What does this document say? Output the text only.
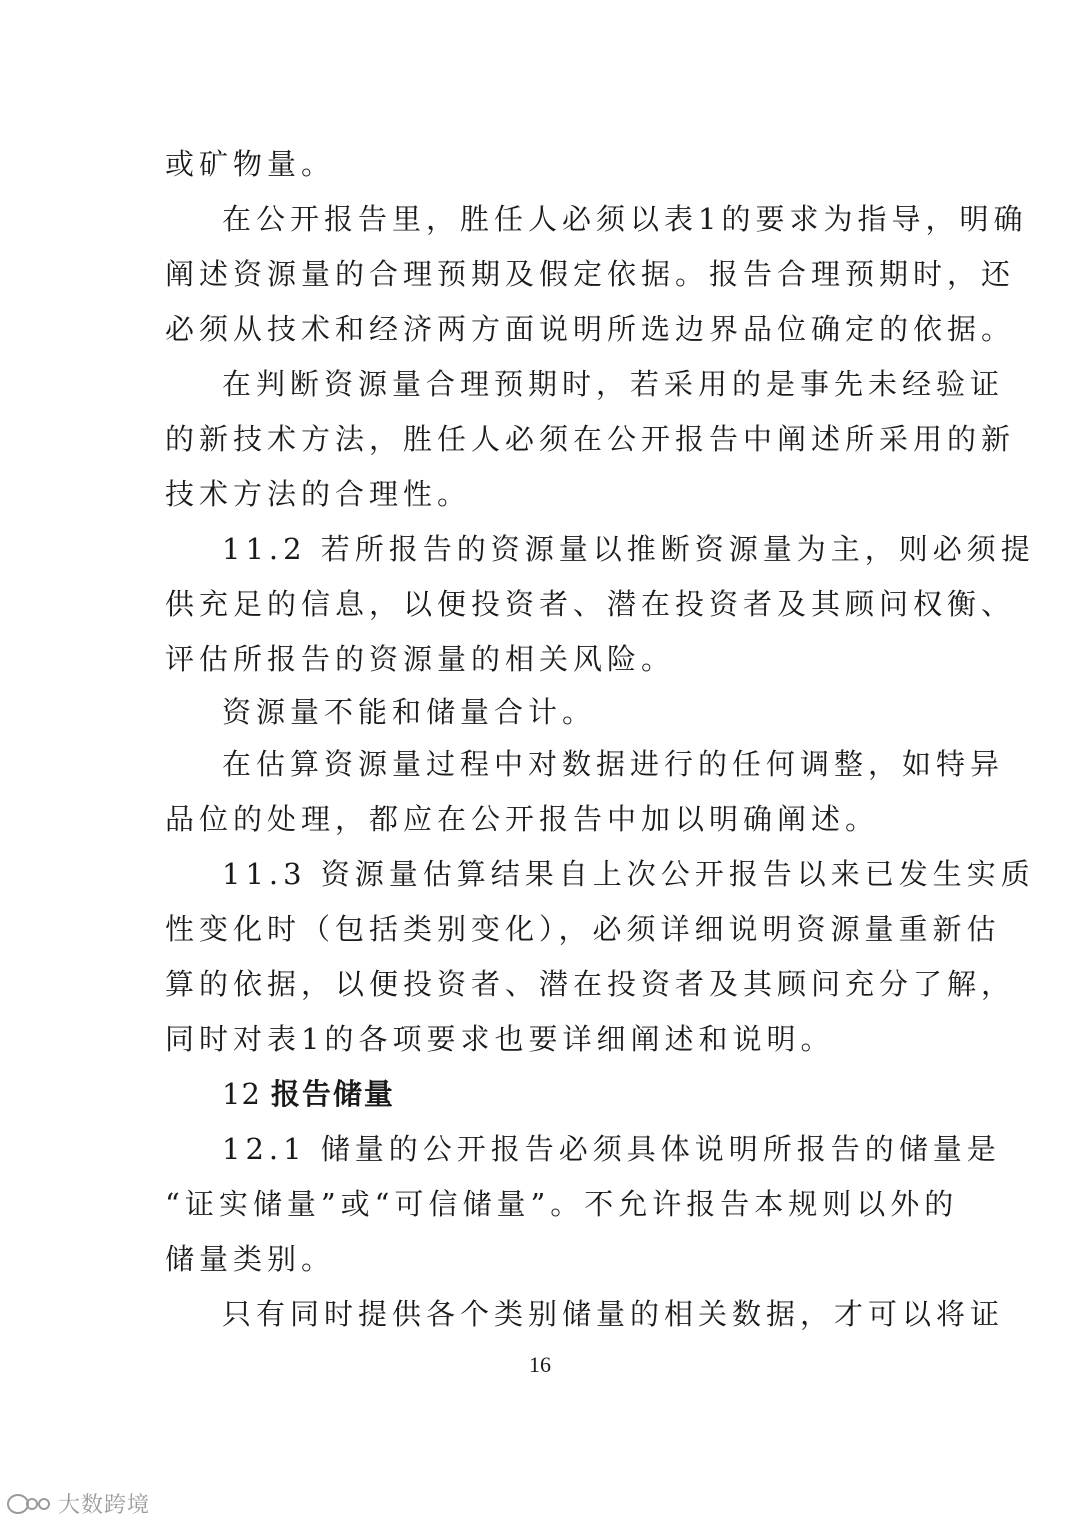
或矿物量。
在公开报告里，胜任人必须以表1的要求为指导，明确
阐述资源量的合理预期及假定依据。报告合理预期时，还
必须从技术和经济两方面说明所选边界品位确定的依据。
在判断资源量合理预期时，若采用的是事先未经验证
的新技术方法，胜任人必须在公开报告中阐述所采用的新
技术方法的合理性。
11.2 若所报告的资源量以推断资源量为主，则必须提
供充足的信息，以便投资者、潜在投资者及其顾问权衡、
评估所报告的资源量的相关风险。
资源量不能和储量合计。
在估算资源量过程中对数据进行的任何调整，如特异
品位的处理，都应在公开报告中加以明确阐述。
11.3 资源量估算结果自上次公开报告以来已发生实质
性变化时（包括类别变化），必须详细说明资源量重新估
算的依据，以便投资者、潜在投资者及其顾问充分了解，
同时对表1的各项要求也要详细阐述和说明。
12 报告储量
12.1 储量的公开报告必须具体说明所报告的储量是
“证实储量”或“可信储量”。不允许报告本规则以外的
储量类别。
只有同时提供各个类别储量的相关数据，才可以将证
16
大数跨境
